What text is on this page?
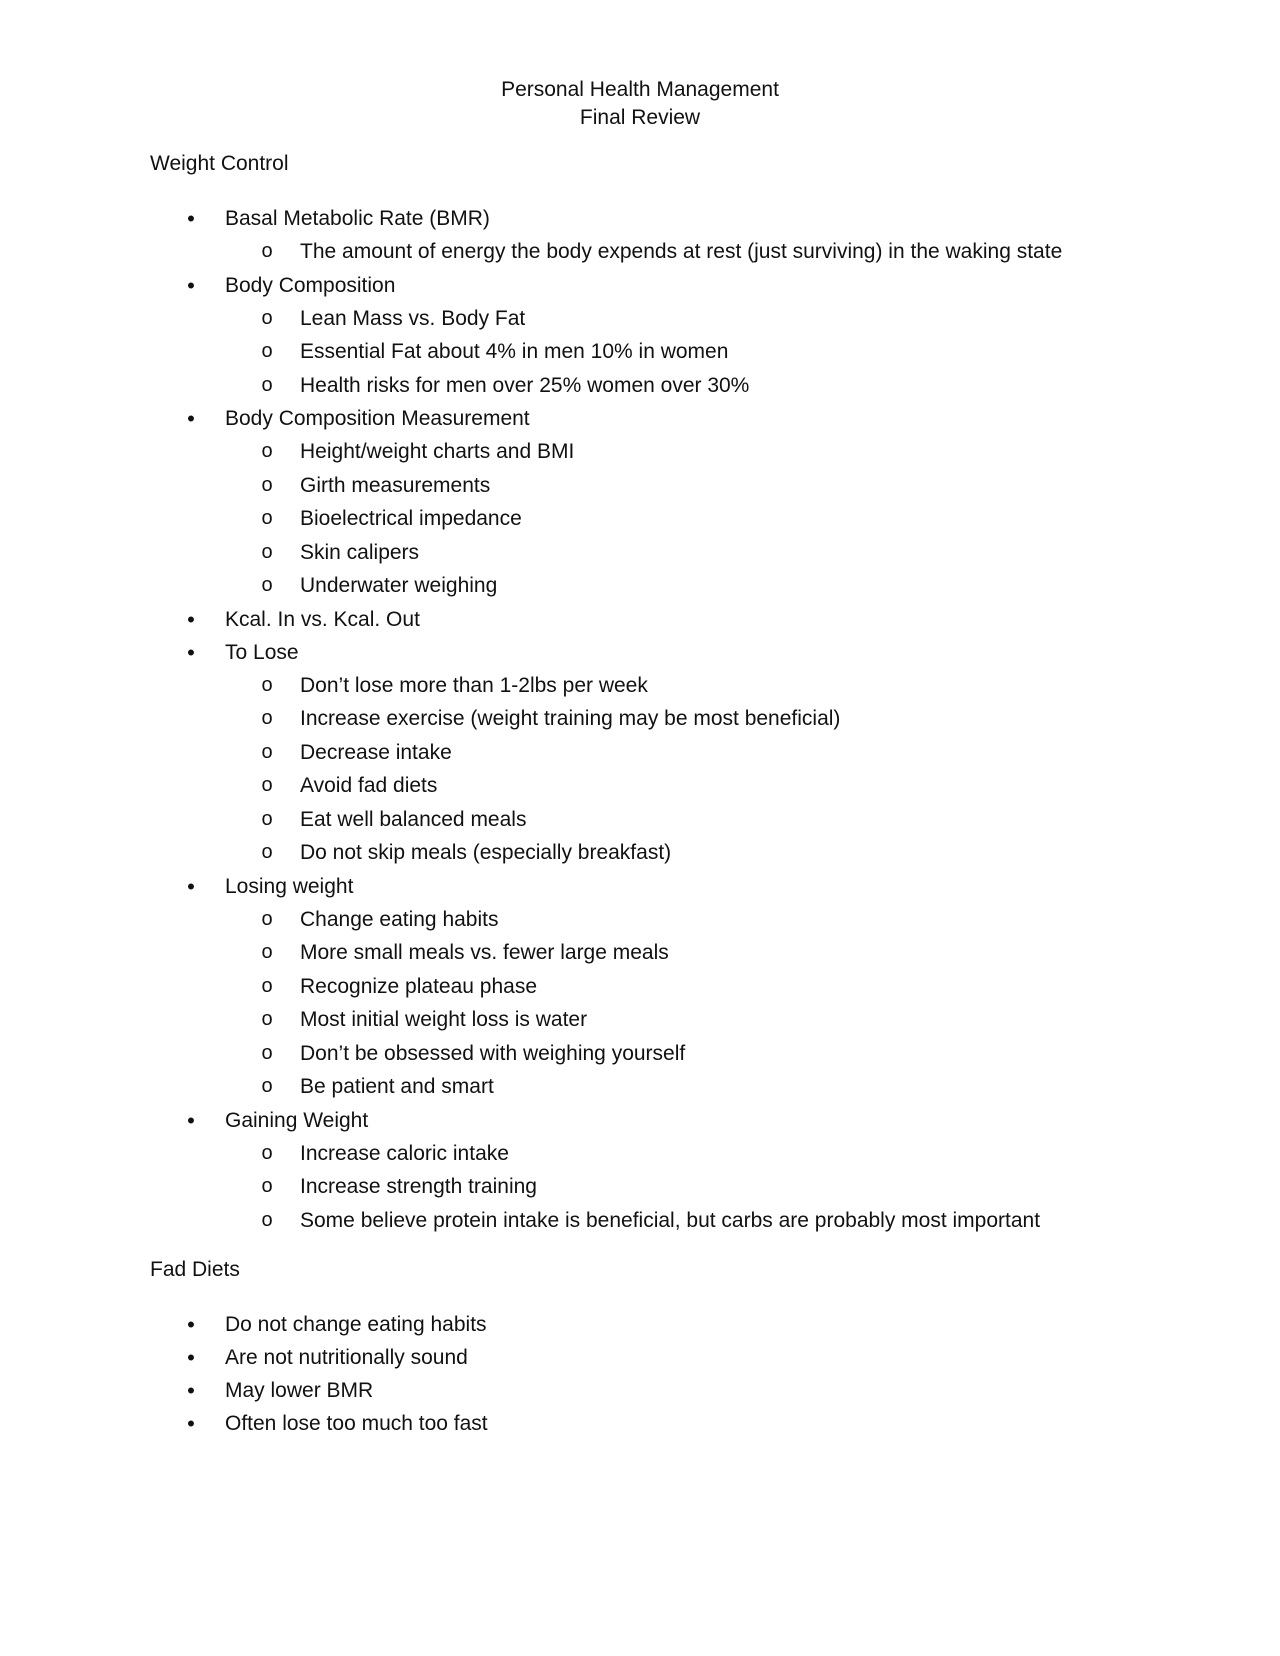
Personal Health Management
Final Review
Weight Control
• Basal Metabolic Rate (BMR)
o The amount of energy the body expends at rest (just surviving) in the waking state
• Body Composition
o Lean Mass vs. Body Fat
o Essential Fat about 4% in men 10% in women
o Health risks for men over 25% women over 30%
• Body Composition Measurement
o Height/weight charts and BMI
o Girth measurements
o Bioelectrical impedance
o Skin calipers
o Underwater weighing
• Kcal. In vs. Kcal. Out
• To Lose
o Don’t lose more than 1-2lbs per week
o Increase exercise (weight training may be most beneficial)
o Decrease intake
o Avoid fad diets
o Eat well balanced meals
o Do not skip meals (especially breakfast)
• Losing weight
o Change eating habits
o More small meals vs. fewer large meals
o Recognize plateau phase
o Most initial weight loss is water
o Don’t be obsessed with weighing yourself
o Be patient and smart
• Gaining Weight
o Increase caloric intake
o Increase strength training
o Some believe protein intake is beneficial, but carbs are probably most important
Fad Diets
• Do not change eating habits
• Are not nutritionally sound
• May lower BMR
• Often lose too much too fast
